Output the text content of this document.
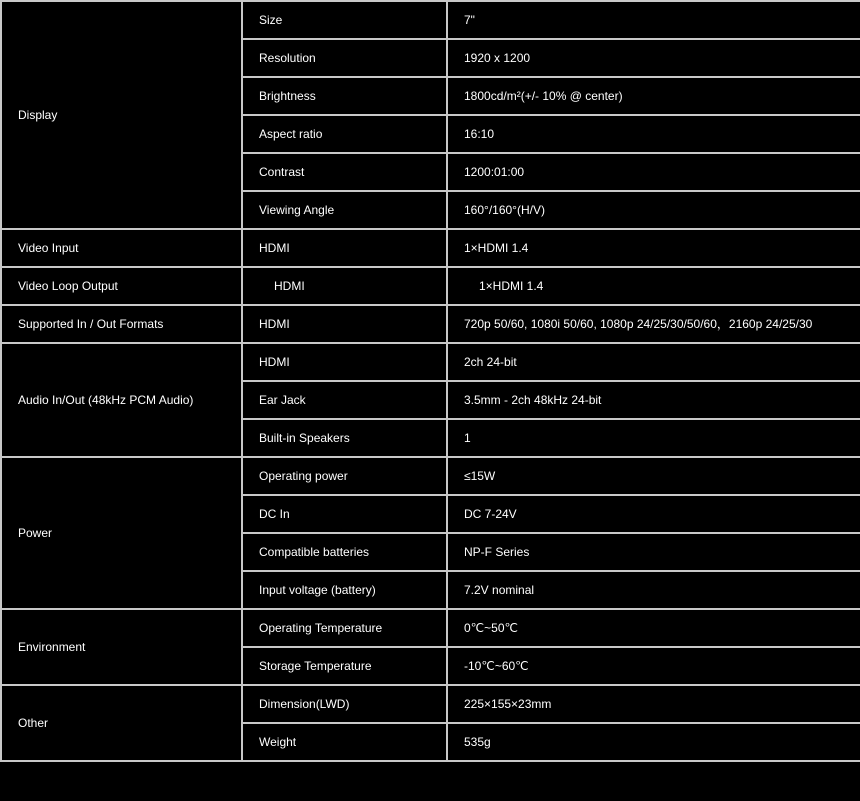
Display	Size	7"
	Resolution	1920 x 1200
	Brightness	1800cd/m²(+/- 10% @ center)
	Aspect ratio	16:10
	Contrast	1200:01:00
	Viewing Angle	160°/160°(H/V)
Video Input	HDMI	1×HDMI 1.4
Video Loop Output	HDMI	1×HDMI 1.4
Supported In / Out Formats	HDMI	720p 50/60, 1080i 50/60, 1080p 24/25/30/50/60，2160p 24/25/30
Audio In/Out (48kHz PCM Audio)	HDMI	2ch 24-bit
	Ear Jack	3.5mm - 2ch 48kHz 24-bit
	Built-in Speakers	1
Power	Operating power	≤15W
	DC In	DC 7-24V
	Compatible batteries	NP-F Series
	Input voltage (battery)	7.2V nominal
Environment	Operating Temperature	0℃~50℃
	Storage Temperature	-10℃~60℃
Other	Dimension(LWD)	225×155×23mm
	Weight	535g
